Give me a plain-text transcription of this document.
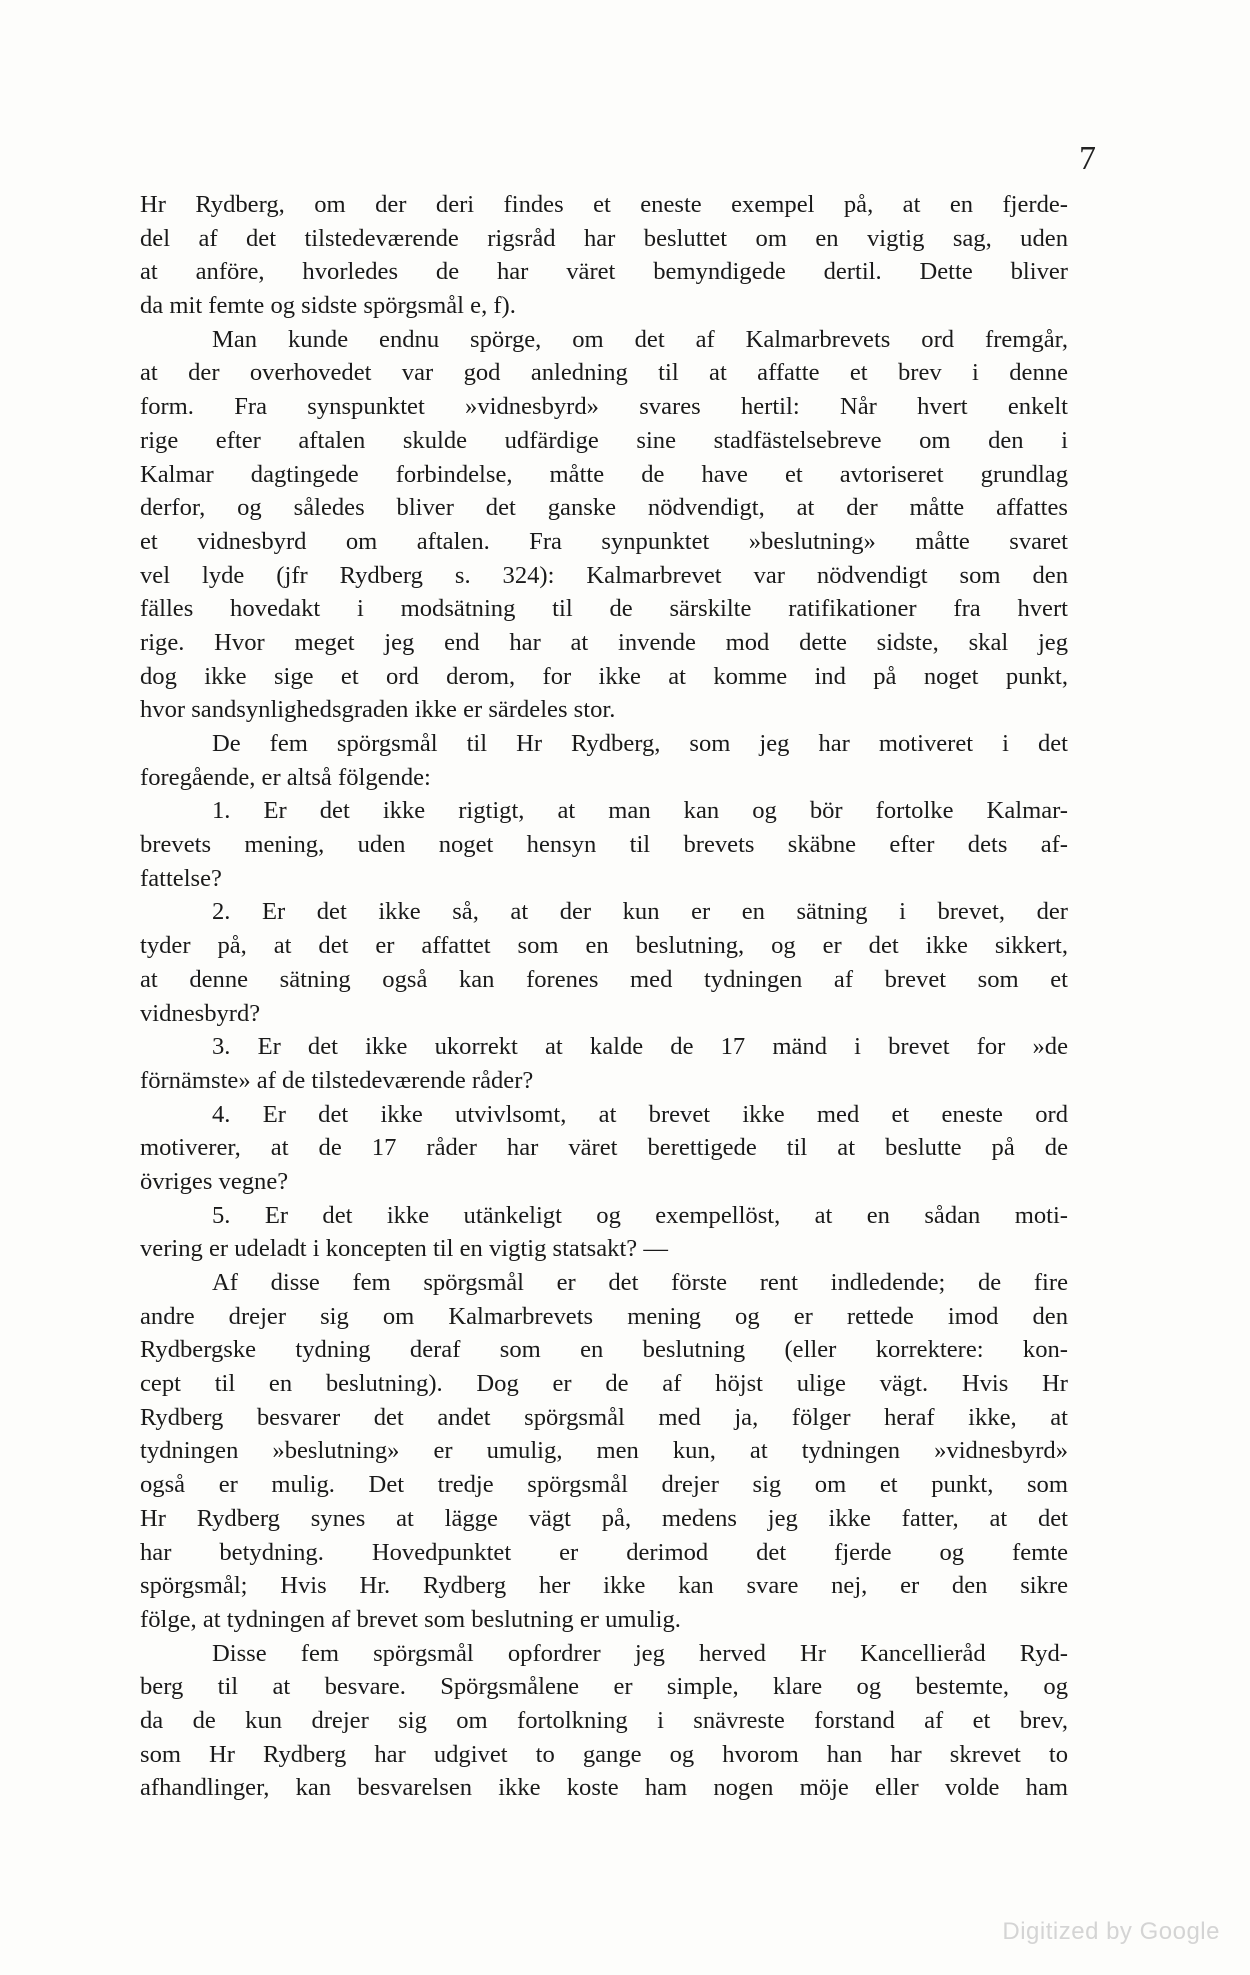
7
Hr Rydberg, om der deri findes et eneste exempel på, at en fjerde-
del af det tilstedeværende rigsråd har besluttet om en vigtig sag, uden
at anföre, hvorledes de har väret bemyndigede dertil. Dette bliver
da mit femte og sidste spörgsmål e, f).
Man kunde endnu spörge, om det af Kalmarbrevets ord fremgår,
at der overhovedet var god anledning til at affatte et brev i denne
form. Fra synspunktet »vidnesbyrd» svares hertil: Når hvert enkelt
rige efter aftalen skulde udfärdige sine stadfästelsebreve om den i
Kalmar dagtingede forbindelse, måtte de have et avtoriseret grundlag
derfor, og således bliver det ganske nödvendigt, at der måtte affattes
et vidnesbyrd om aftalen. Fra synpunktet »beslutning» måtte svaret
vel lyde (jfr Rydberg s. 324): Kalmarbrevet var nödvendigt som den
fälles hovedakt i modsätning til de särskilte ratifikationer fra hvert
rige. Hvor meget jeg end har at invende mod dette sidste, skal jeg
dog ikke sige et ord derom, for ikke at komme ind på noget punkt,
hvor sandsynlighedsgraden ikke er särdeles stor.
De fem spörgsmål til Hr Rydberg, som jeg har motiveret i det
foregående, er altså fölgende:
1. Er det ikke rigtigt, at man kan og bör fortolke Kalmar-
brevets mening, uden noget hensyn til brevets skäbne efter dets af-
fattelse?
2. Er det ikke så, at der kun er en sätning i brevet, der
tyder på, at det er affattet som en beslutning, og er det ikke sikkert,
at denne sätning også kan forenes med tydningen af brevet som et
vidnesbyrd?
3. Er det ikke ukorrekt at kalde de 17 mänd i brevet for »de
förnämste» af de tilstedeværende råder?
4. Er det ikke utvivlsomt, at brevet ikke med et eneste ord
motiverer, at de 17 råder har väret berettigede til at beslutte på de
övriges vegne?
5. Er det ikke utänkeligt og exempellöst, at en sådan moti-
vering er udeladt i koncepten til en vigtig statsakt? —
Af disse fem spörgsmål er det förste rent indledende; de fire
andre drejer sig om Kalmarbrevets mening og er rettede imod den
Rydbergske tydning deraf som en beslutning (eller korrektere: kon-
cept til en beslutning). Dog er de af höjst ulige vägt. Hvis Hr
Rydberg besvarer det andet spörgsmål med ja, fölger heraf ikke, at
tydningen »beslutning» er umulig, men kun, at tydningen »vidnesbyrd»
også er mulig. Det tredje spörgsmål drejer sig om et punkt, som
Hr Rydberg synes at lägge vägt på, medens jeg ikke fatter, at det
har betydning. Hovedpunktet er derimod det fjerde og femte
spörgsmål; Hvis Hr. Rydberg her ikke kan svare nej, er den sikre
fölge, at tydningen af brevet som beslutning er umulig.
Disse fem spörgsmål opfordrer jeg herved Hr Kancellieråd Ryd-
berg til at besvare. Spörgsmålene er simple, klare og bestemte, og
da de kun drejer sig om fortolkning i snävreste forstand af et brev,
som Hr Rydberg har udgivet to gange og hvorom han har skrevet to
afhandlinger, kan besvarelsen ikke koste ham nogen möje eller volde ham
Digitized by Google
